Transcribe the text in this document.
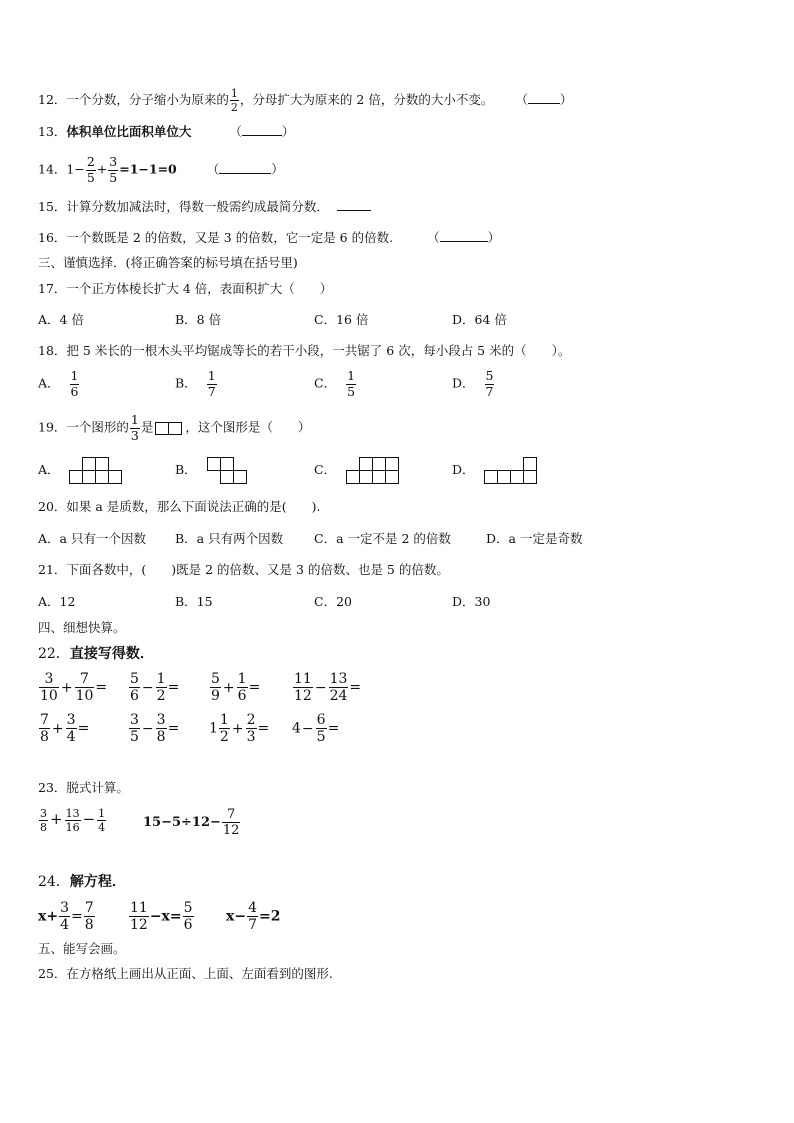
12．一个分数，分子缩小为原来的 $\frac{1}{2}$ ，分母扩大为原来的 2 倍，分数的大小不变。 （	）
13．体积单位比面积单位大	（	）
14．$1- \frac{2}{5} + \frac{3}{5} =1-1=0$ （	）
15．计算分数加减法时，得数一般需约成最简分数．
16．一个数既是 2 的倍数，又是 3 的倍数，它一定是 6 的倍数.	（	）
三、谨慎选择．(将正确答案的标号填在括号里)
17．一个正方体棱长扩大 4 倍，表面积扩大（　　）
A．4 倍	B．8 倍	C．16 倍	D．64 倍
18．把 5 米长的一根木头平均锯成等长的若干小段，一共锯了 6 次，每小段占 5 米的（　　）。
A． $\frac{1}{6}$	B． $\frac{1}{7}$	C． $\frac{1}{5}$	D． $\frac{5}{7}$
19．一个图形的 $\frac{1}{3}$ 是	，这个图形是（　　）
A．	B．	C．	D．
20．如果 a 是质数，那么下面说法正确的是(　　).
A．a 只有一个因数 B．a 只有两个因数 C．a 一定不是 2 的倍数	D．a 一定是奇数
21．下面各数中，(　　)既是 2 的倍数、又是 3 的倍数、也是 5 的倍数。
A．12	B．15	C．20	D．30
四、细想快算。
22．直接写得数．
$\frac{3}{10} + \frac{7}{10} = \frac{5}{6} - \frac{1}{2} = \frac{5}{9} + \frac{1}{6} = \frac{11}{12} - \frac{13}{24}$ =
$\frac{7}{8} + \frac{3}{4}$ =	$\frac{3}{5} - \frac{3}{8} = 1 \frac{1}{2} + \frac{2}{3} = 4- \frac{6}{5}$ =
23．脱式计算。
$\frac{3}{8} + \frac{13}{16} - \frac{1}{4}$	$15-5\div 12- \frac{7}{12}$
24．解方程．
$x+ \frac{3}{4} = \frac{7}{8} \frac{11}{12} -x= \frac{5}{6} x- \frac{4}{7} =2$
五、能写会画。
25．在方格纸上画出从正面、上面、左面看到的图形.
